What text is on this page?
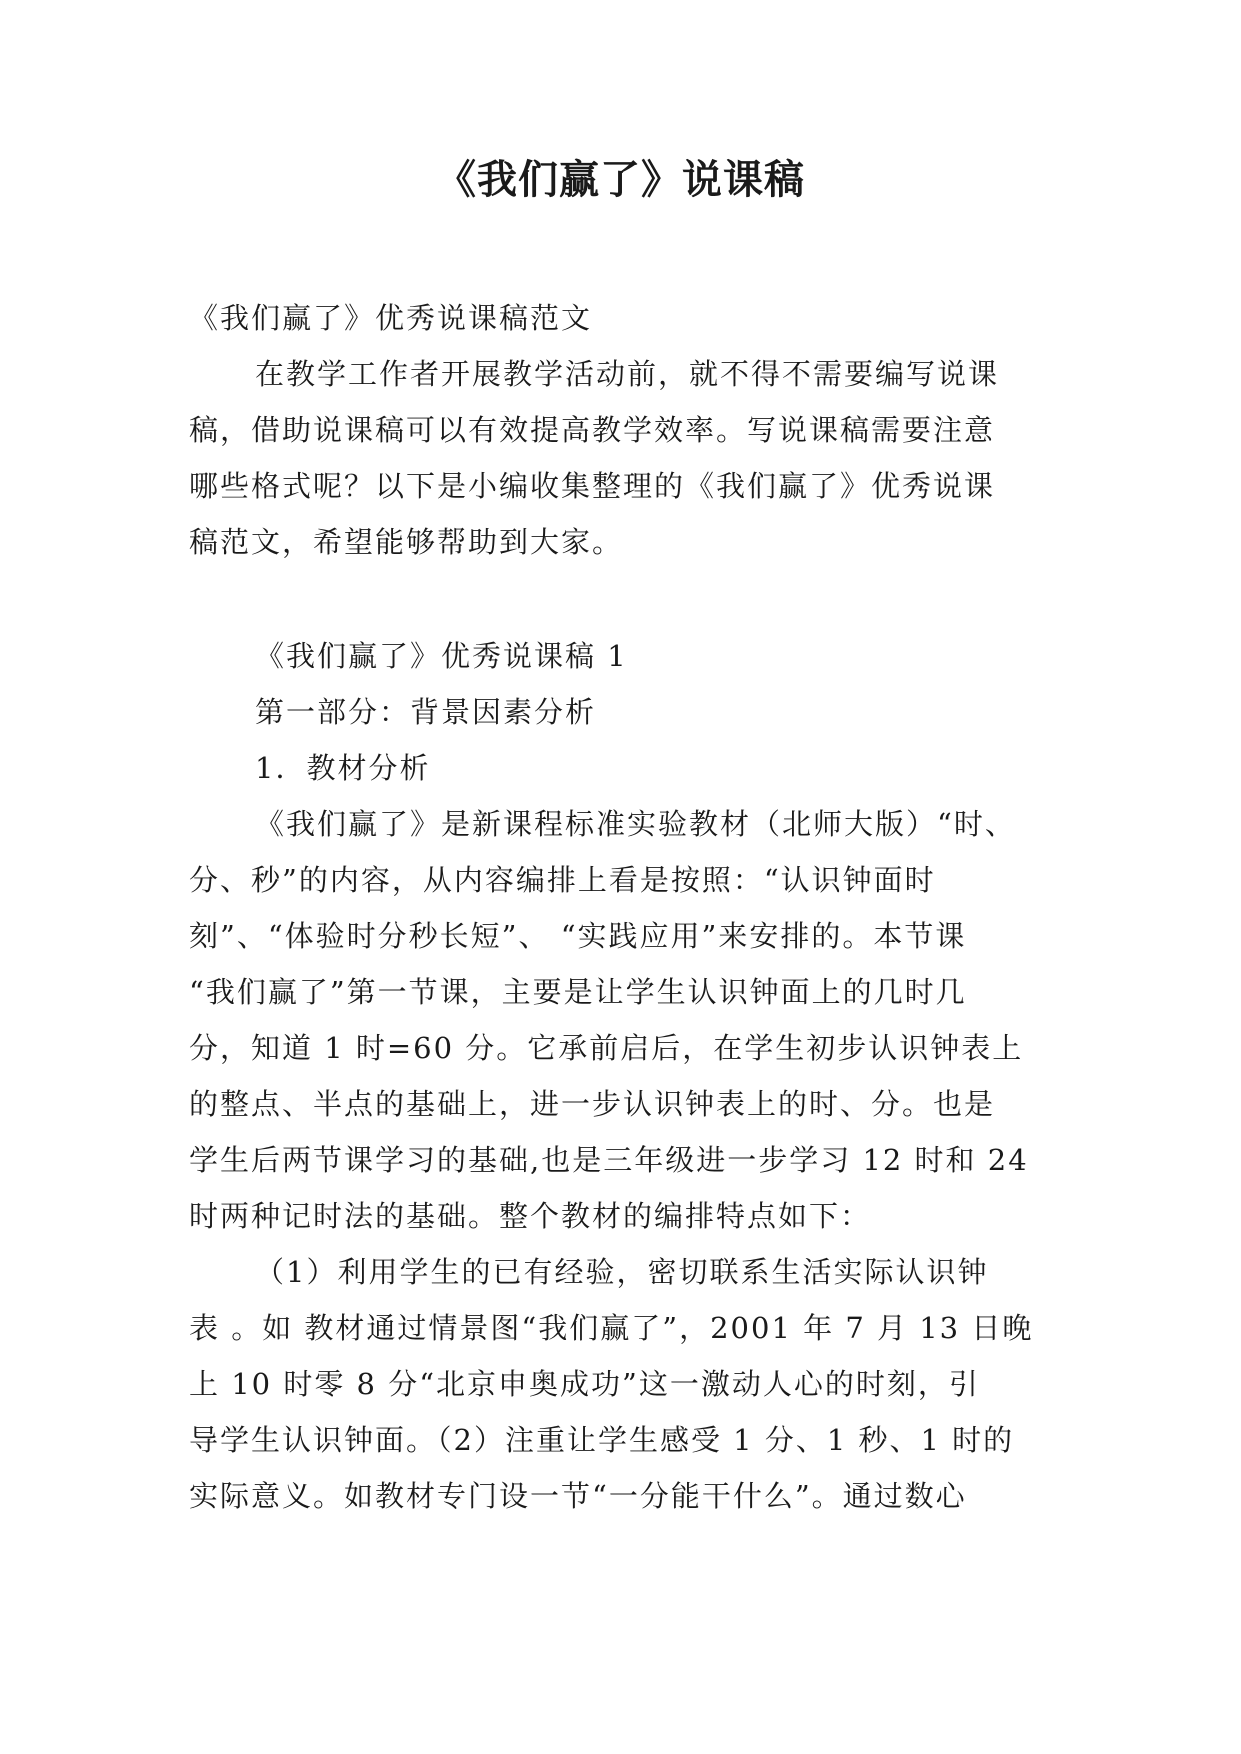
《我们赢了》说课稿

《我们赢了》优秀说课稿范文

在教学工作者开展教学活动前，就不得不需要编写说课

稿，借助说课稿可以有效提高教学效率。写说课稿需要注意

哪些格式呢？以下是小编收集整理的《我们赢了》优秀说课

稿范文，希望能够帮助到大家。

《我们赢了》优秀说课稿 1

第一部分：背景因素分析

1．教材分析

《我们赢了》是新课程标准实验教材（北师大版）“时、

分、秒”的内容，从内容编排上看是按照：“认识钟面时

刻”、“体验时分秒长短”、 “实践应用”来安排的。本节课

“我们赢了”第一节课，主要是让学生认识钟面上的几时几

分，知道 1 时=60 分。它承前启后，在学生初步认识钟表上

的整点、半点的基础上，进一步认识钟表上的时、分。也是

学生后两节课学习的基础,也是三年级进一步学习 12 时和 24

时两种记时法的基础。整个教材的编排特点如下：

（1）利用学生的已有经验，密切联系生活实际认识钟

表 。如 教材通过情景图“我们赢了”，2001 年 7 月 13 日晚

上 10 时零 8 分“北京申奥成功”这一激动人心的时刻，引

导学生认识钟面。（2）注重让学生感受 1 分、1 秒、1 时的

实际意义。如教材专门设一节“一分能干什么”。通过数心
